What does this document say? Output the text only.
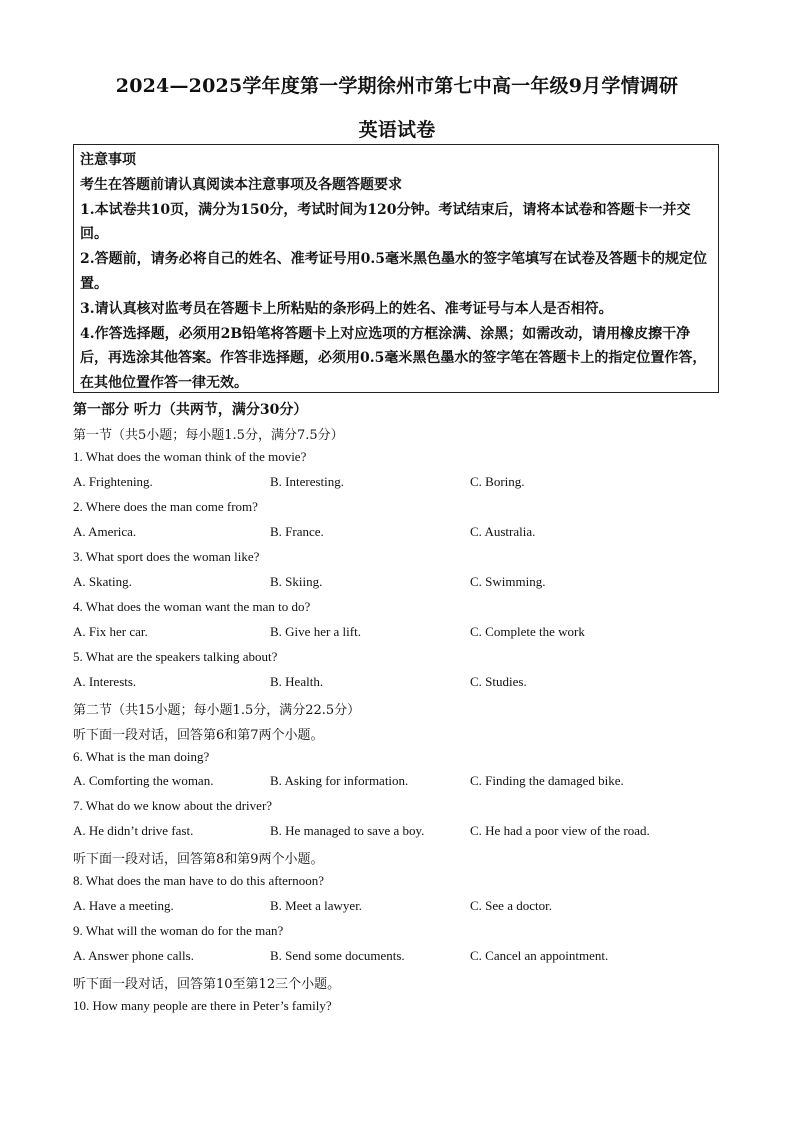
2024—2025学年度第一学期徐州市第七中高一年级9月学情调研
英语试卷

注意事项

考生在答题前请认真阅读本注意事项及各题答题要求

1.本试卷共10页，满分为150分，考试时间为120分钟。考试结束后，请将本试卷和答题卡一并交回。

2.答题前，请务必将自己的姓名、准考证号用0.5毫米黑色墨水的签字笔填写在试卷及答题卡的规定位置。

3.请认真核对监考员在答题卡上所粘贴的条形码上的姓名、准考证号与本人是否相符。

4.作答选择题，必须用2B铅笔将答题卡上对应选项的方框涂满、涂黑；如需改动，请用橡皮擦干净后，再选涂其他答案。作答非选择题，必须用0.5毫米黑色墨水的签字笔在答题卡上的指定位置作答，在其他位置作答一律无效。

第一部分 听力（共两节，满分30分）
第一节（共5小题；每小题1.5分，满分7.5分）
1. What does the woman think of the movie?
A. Frightening.	B. Interesting.	C. Boring.
2. Where does the man come from?
A. America.	B. France.	C. Australia.
3. What sport does the woman like?
A. Skating.	B. Skiing.	C. Swimming.
4. What does the woman want the man to do?
A. Fix her car.	B. Give her a lift.	C. Complete the work
5. What are the speakers talking about?
A. Interests.	B. Health.	C. Studies.
第二节（共15小题；每小题1.5分，满分22.5分）
听下面一段对话，回答第6和第7两个小题。
6. What is the man doing?
A. Comforting the woman.	B. Asking for information.	C. Finding the damaged bike.
7. What do we know about the driver?
A. He didn’t drive fast.	B. He managed to save a boy.	C. He had a poor view of the road.
听下面一段对话，回答第8和第9两个小题。
8. What does the man have to do this afternoon?
A. Have a meeting.	B. Meet a lawyer.	C. See a doctor.
9. What will the woman do for the man?
A. Answer phone calls.	B. Send some documents.	C. Cancel an appointment.
听下面一段对话，回答第10至第12三个小题。
10. How many people are there in Peter’s family?
